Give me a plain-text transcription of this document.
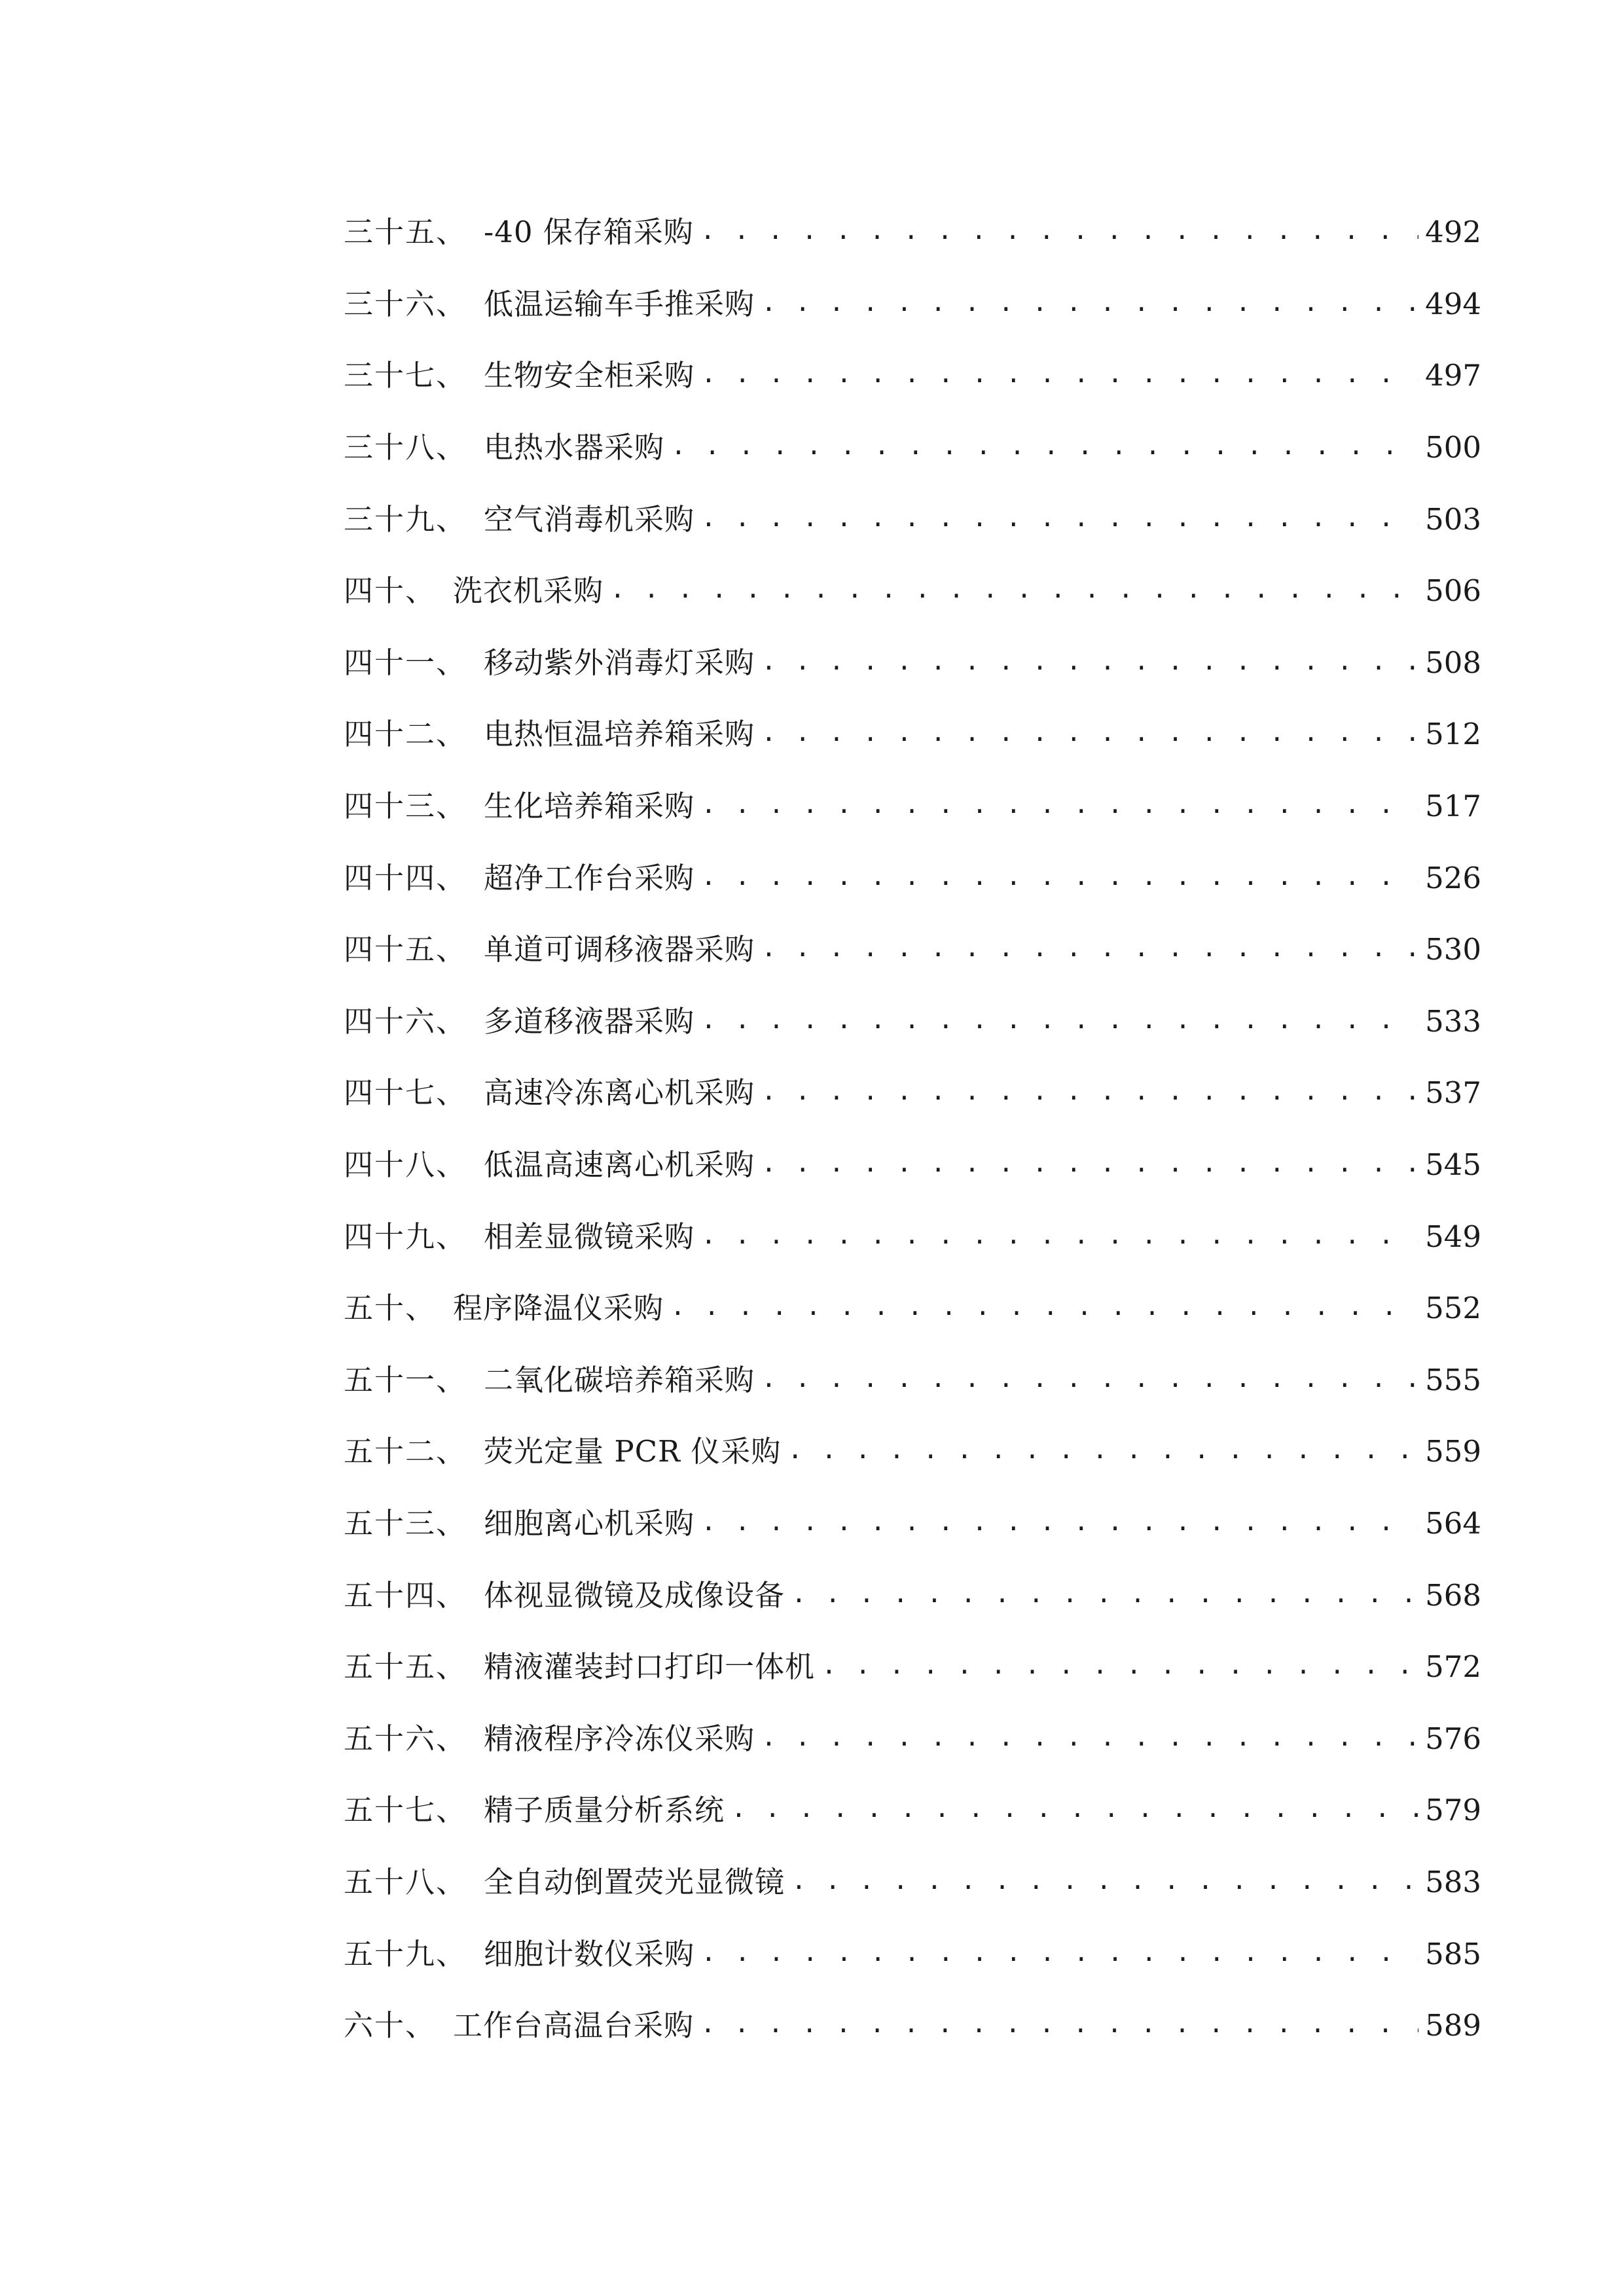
三十五、 -40 保存箱采购 . . .	492
三十六、 低温运输车手推采购 . . .	494
三十七、 生物安全柜采购 . . .	497
三十八、 电热水器采购 . . .	500
三十九、 空气消毒机采购 . . .	503
四十、 洗衣机采购 . . .	506
四十一、 移动紫外消毒灯采购 . . .	508
四十二、 电热恒温培养箱采购 . . .	512
四十三、 生化培养箱采购 . . .	517
四十四、 超净工作台采购 . . .	526
四十五、 单道可调移液器采购 . . .	530
四十六、 多道移液器采购 . . .	533
四十七、 高速冷冻离心机采购 . . .	537
四十八、 低温高速离心机采购 . . .	545
四十九、 相差显微镜采购 . . .	549
五十、 程序降温仪采购 . . .	552
五十一、 二氧化碳培养箱采购 . . .	555
五十二、 荧光定量 PCR 仪采购 . . .	559
五十三、 细胞离心机采购 . . .	564
五十四、 体视显微镜及成像设备 . . .	568
五十五、 精液灌装封口打印一体机 . . .	572
五十六、 精液程序冷冻仪采购 . . .	576
五十七、 精子质量分析系统 . . .	579
五十八、 全自动倒置荧光显微镜 . . .	583
五十九、 细胞计数仪采购 . . .	585
六十、 工作台高温台采购 . . .	589
